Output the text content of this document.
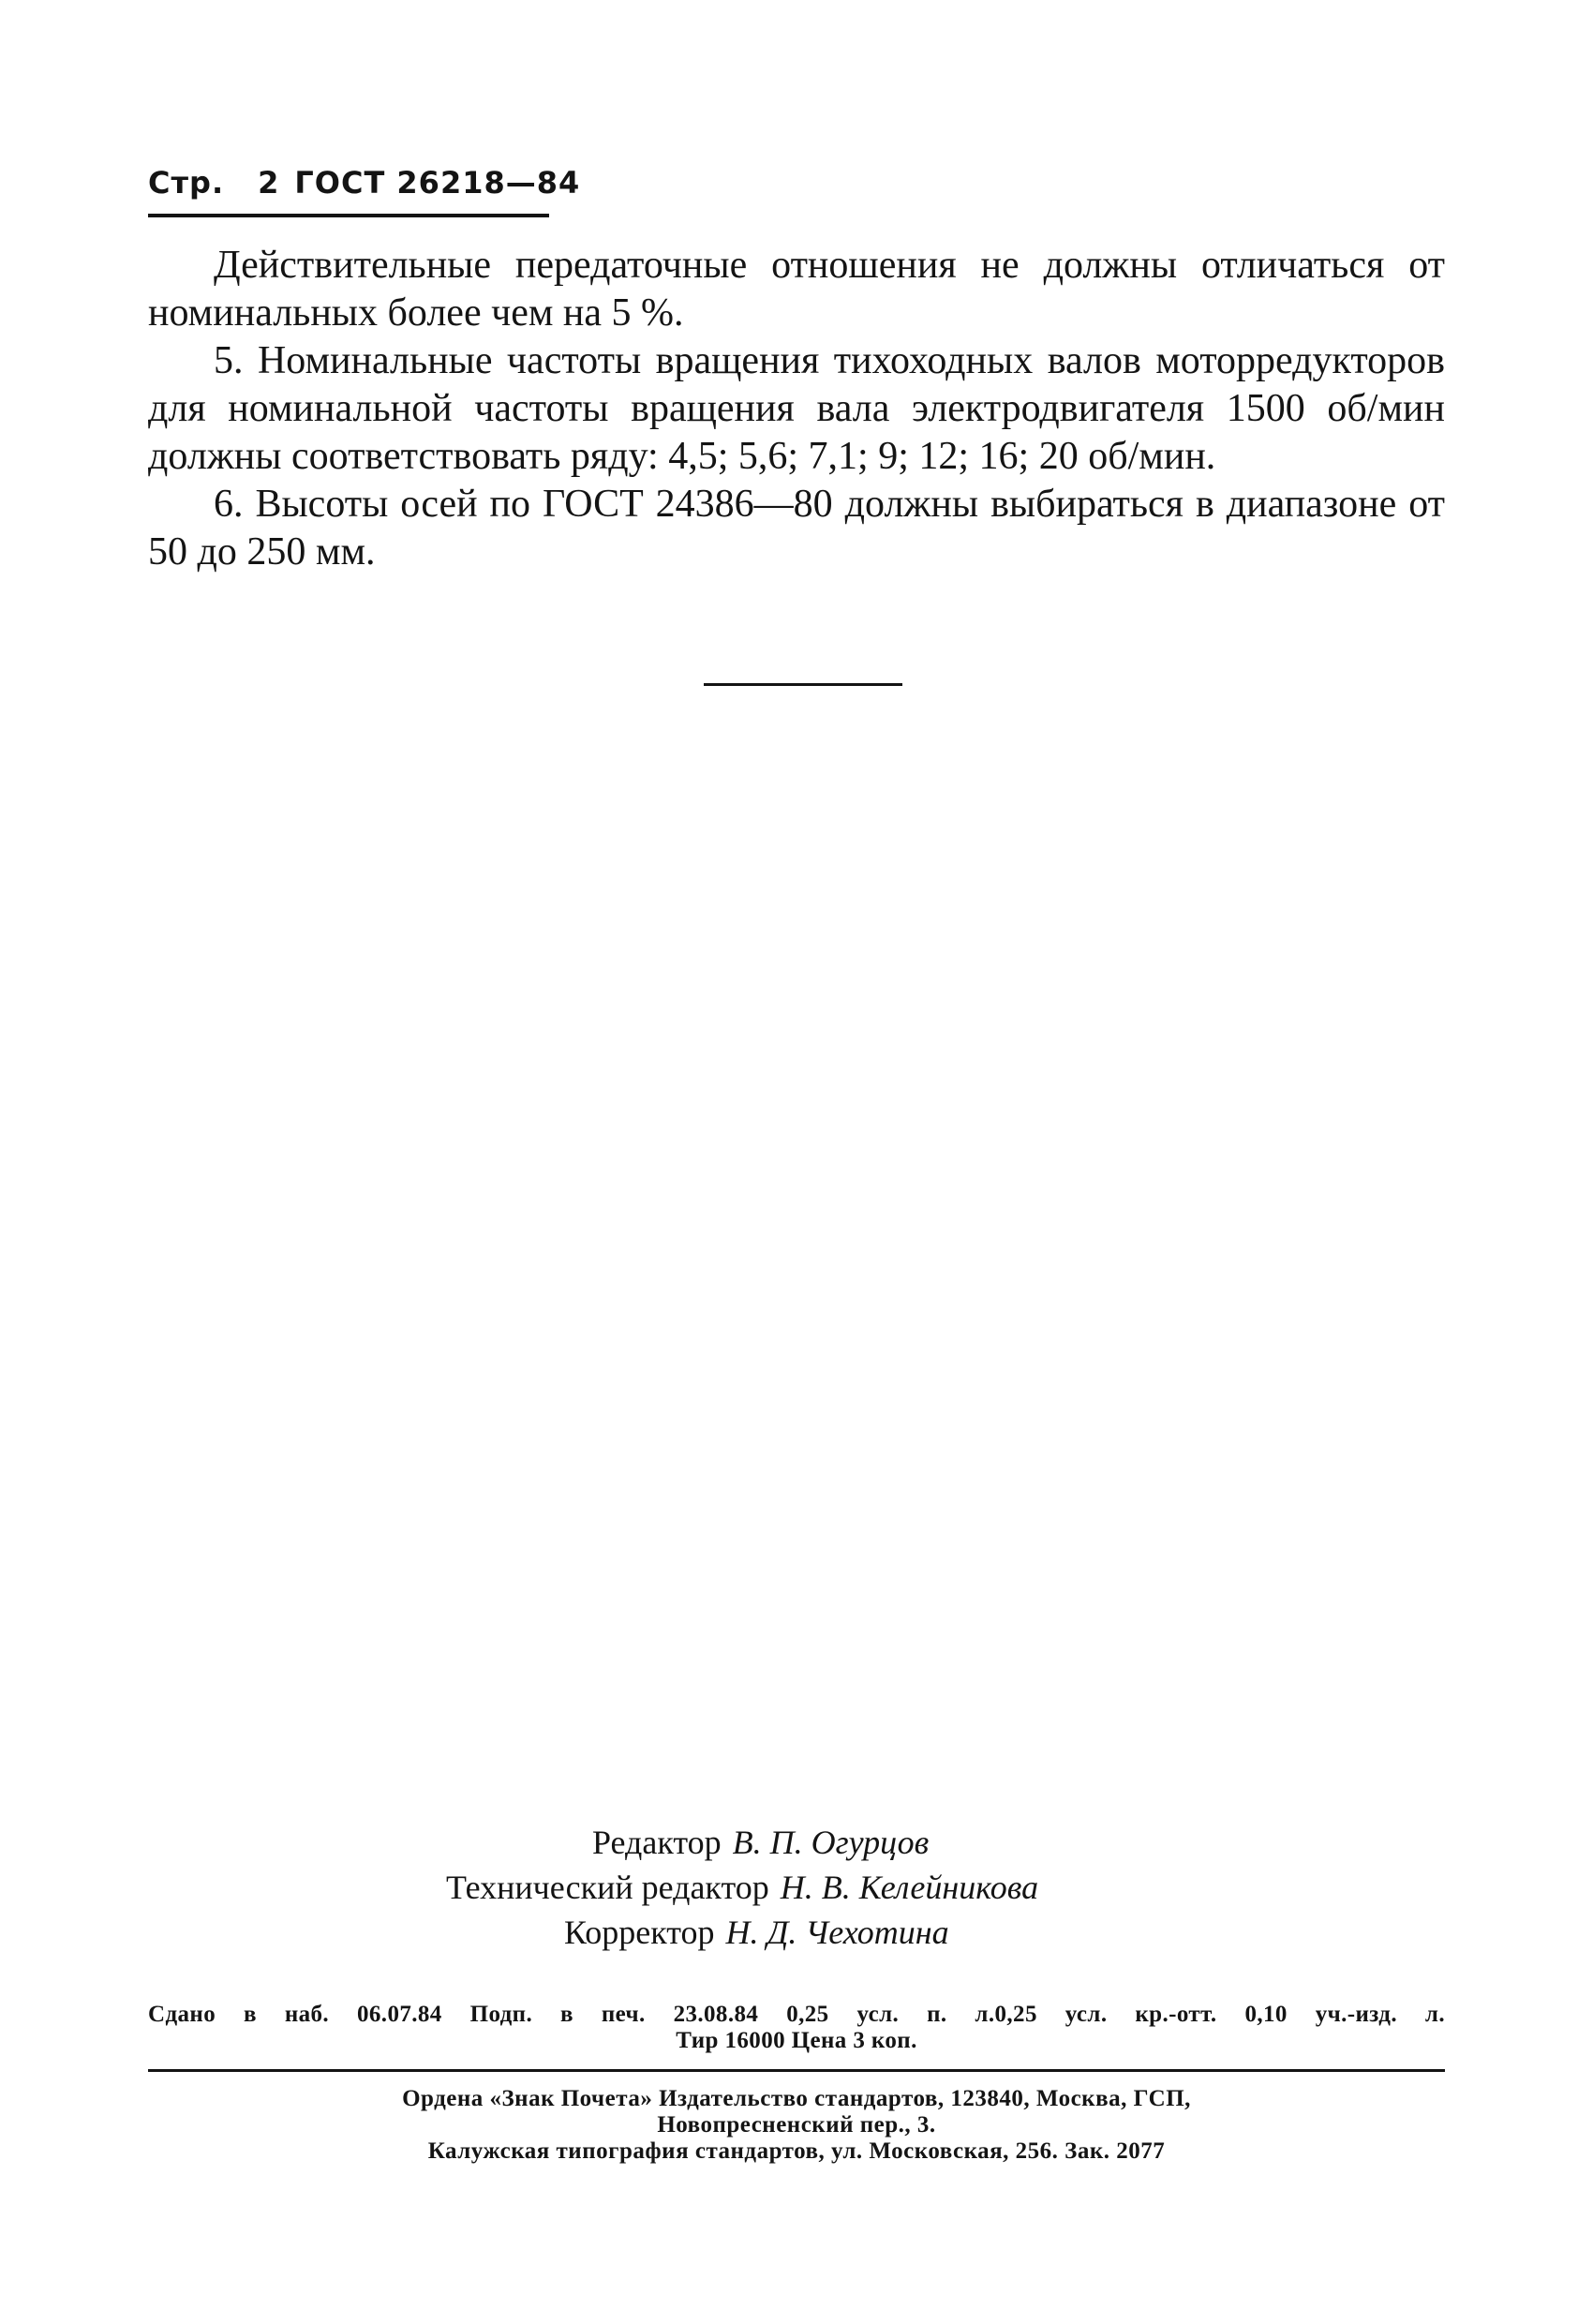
Стр. 2 ГОСТ 26218—84

Действительные передаточные отношения не должны отличаться от номинальных более чем на 5 %.

5. Номинальные частоты вращения тихоходных валов моторредукторов для номинальной частоты вращения вала электродвигателя 1500 об/мин должны соответствовать ряду: 4,5; 5,6; 7,1; 9; 12; 16; 20 об/мин.

6. Высоты осей по ГОСТ 24386—80 должны выбираться в диапазоне от 50 до 250 мм.

Редактор В. П. Огурцов
Технический редактор Н. В. Келейникова
Корректор Н. Д. Чехотина
Сдано в наб. 06.07.84 Подп. в печ. 23.08.84 0,25 усл. п. л.0,25 усл. кр.-отт. 0,10 уч.-изд. л.
Тир 16000 Цена 3 коп.
Ордена «Знак Почета» Издательство стандартов, 123840, Москва, ГСП,
Новопресненский пер., 3.
Калужская типография стандартов, ул. Московская, 256. Зак. 2077
